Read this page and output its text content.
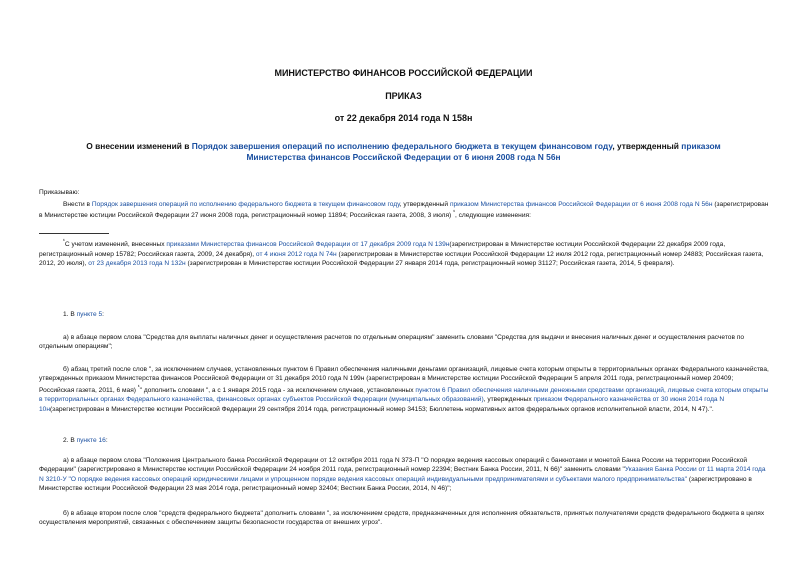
МИНИСТЕРСТВО ФИНАНСОВ РОССИЙСКОЙ ФЕДЕРАЦИИ
ПРИКАЗ
от 22 декабря 2014 года N 158н

О внесении изменений в Порядок завершения операций по исполнению федерального бюджета в текущем финансовом году, утвержденный приказом Министерства финансов Российской Федерации от 6 июня 2008 года N 56н

Приказываю:

Внести в Порядок завершения операций по исполнению федерального бюджета в текущем финансовом году, утвержденный приказом Министерства финансов Российской Федерации от 6 июня 2008 года N 56н (зарегистрирован в Министерстве юстиции Российской Федерации 27 июня 2008 года, регистрационный номер 11894; Российская газета, 2008, 3 июля) $^{^1}$, следующие изменения:

$^{^1}$С учетом изменений, внесенных приказами Министерства финансов Российской Федерации от 17 декабря 2009 года N 139н(зарегистрирован в Министерстве юстиции Российской Федерации 22 декабря 2009 года, регистрационный номер 15782; Российская газета, 2009, 24 декабря), от 4 июня 2012 года N 74н (зарегистрирован в Министерстве юстиции Российской Федерации 12 июля 2012 года, регистрационный номер 24883; Российская газета, 2012, 20 июля), от 23 декабря 2013 года N 132н (зарегистрирован в Министерстве юстиции Российской Федерации 27 января 2014 года, регистрационный номер 31127; Российская газета, 2014, 5 февраля).

1. В пункте 5:

а) в абзаце первом слова "Средства для выплаты наличных денег и осуществления расчетов по отдельным операциям" заменить словами "Средства для выдачи и внесения наличных денег и осуществления расчетов по отдельным операциям";

б) абзац третий после слов ", за исключением случаев, установленных пунктом 6 Правил обеспечения наличными деньгами организаций, лицевые счета которым открыты в территориальных органах Федерального казначейства, утвержденных приказом Министерства финансов Российской Федерации от 31 декабря 2010 года N 199н (зарегистрирован в Министерстве юстиции Российской Федерации 5 апреля 2011 года, регистрационный номер 20409; Российская газета, 2011, 6 мая) $^{^1}$" дополнить словами ", а с 1 января 2015 года - за исключением случаев, установленных пунктом 6 Правил обеспечения наличными денежными средствами организаций, лицевые счета которым открыты в территориальных органах Федерального казначейства, финансовых органах субъектов Российской Федерации (муниципальных образований), утвержденных приказом Федерального казначейства от 30 июня 2014 года N 10н(зарегистрирован в Министерстве юстиции Российской Федерации 29 сентября 2014 года, регистрационный номер 34153; Бюллетень нормативных актов федеральных органов исполнительной власти, 2014, N 47).".

2. В пункте 16:

а) в абзаце первом слова "Положения Центрального банка Российской Федерации от 12 октября 2011 года N 373-П "О порядке ведения кассовых операций с банкнотами и монетой Банка России на территории Российской Федерации" (зарегистрировано в Министерстве юстиции Российской Федерации 24 ноября 2011 года, регистрационный номер 22394; Вестник Банка России, 2011, N 66)" заменить словами "Указания Банка России от 11 марта 2014 года N 3210-У "О порядке ведения кассовых операций юридическими лицами и упрощенном порядке ведения кассовых операций индивидуальными предпринимателями и субъектами малого предпринимательства" (зарегистрировано в Министерстве юстиции Российской Федерации 23 мая 2014 года, регистрационный номер 32404; Вестник Банка России, 2014, N 46)";

б) в абзаце втором после слов "средств федерального бюджета" дополнить словами ", за исключением средств, предназначенных для исполнения обязательств, принятых получателями средств федерального бюджета в целях осуществления мероприятий, связанных с обеспечением защиты безопасности государства от внешних угроз".
